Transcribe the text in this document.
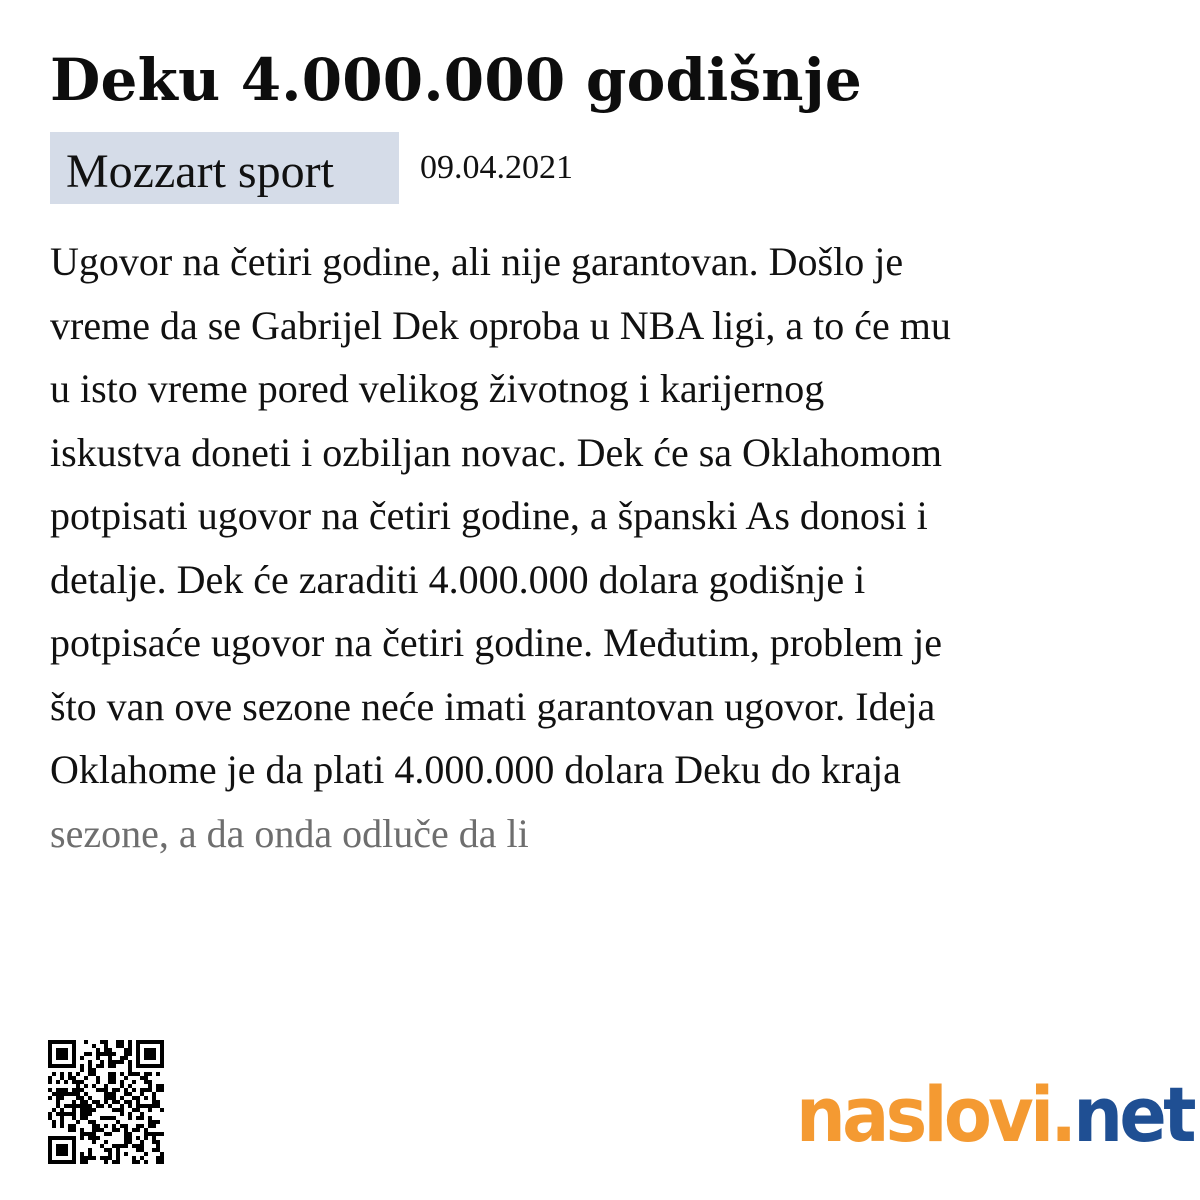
Deku 4.000.000 godišnje
Mozzart sport	09.04.2021
Ugovor na četiri godine, ali nije garantovan. Došlo je
vreme da se Gabrijel Dek oproba u NBA ligi, a to će mu
u isto vreme pored velikog životnog i karijernog
iskustva doneti i ozbiljan novac. Dek će sa Oklahomom
potpisati ugovor na četiri godine, a španski As donosi i
detalje. Dek će zaraditi 4.000.000 dolara godišnje i
potpisaće ugovor na četiri godine. Međutim, problem je
što van ove sezone neće imati garantovan ugovor. Ideja
Oklahome je da plati 4.000.000 dolara Deku do kraja
sezone, a da onda odluče da li
naslovi.net
